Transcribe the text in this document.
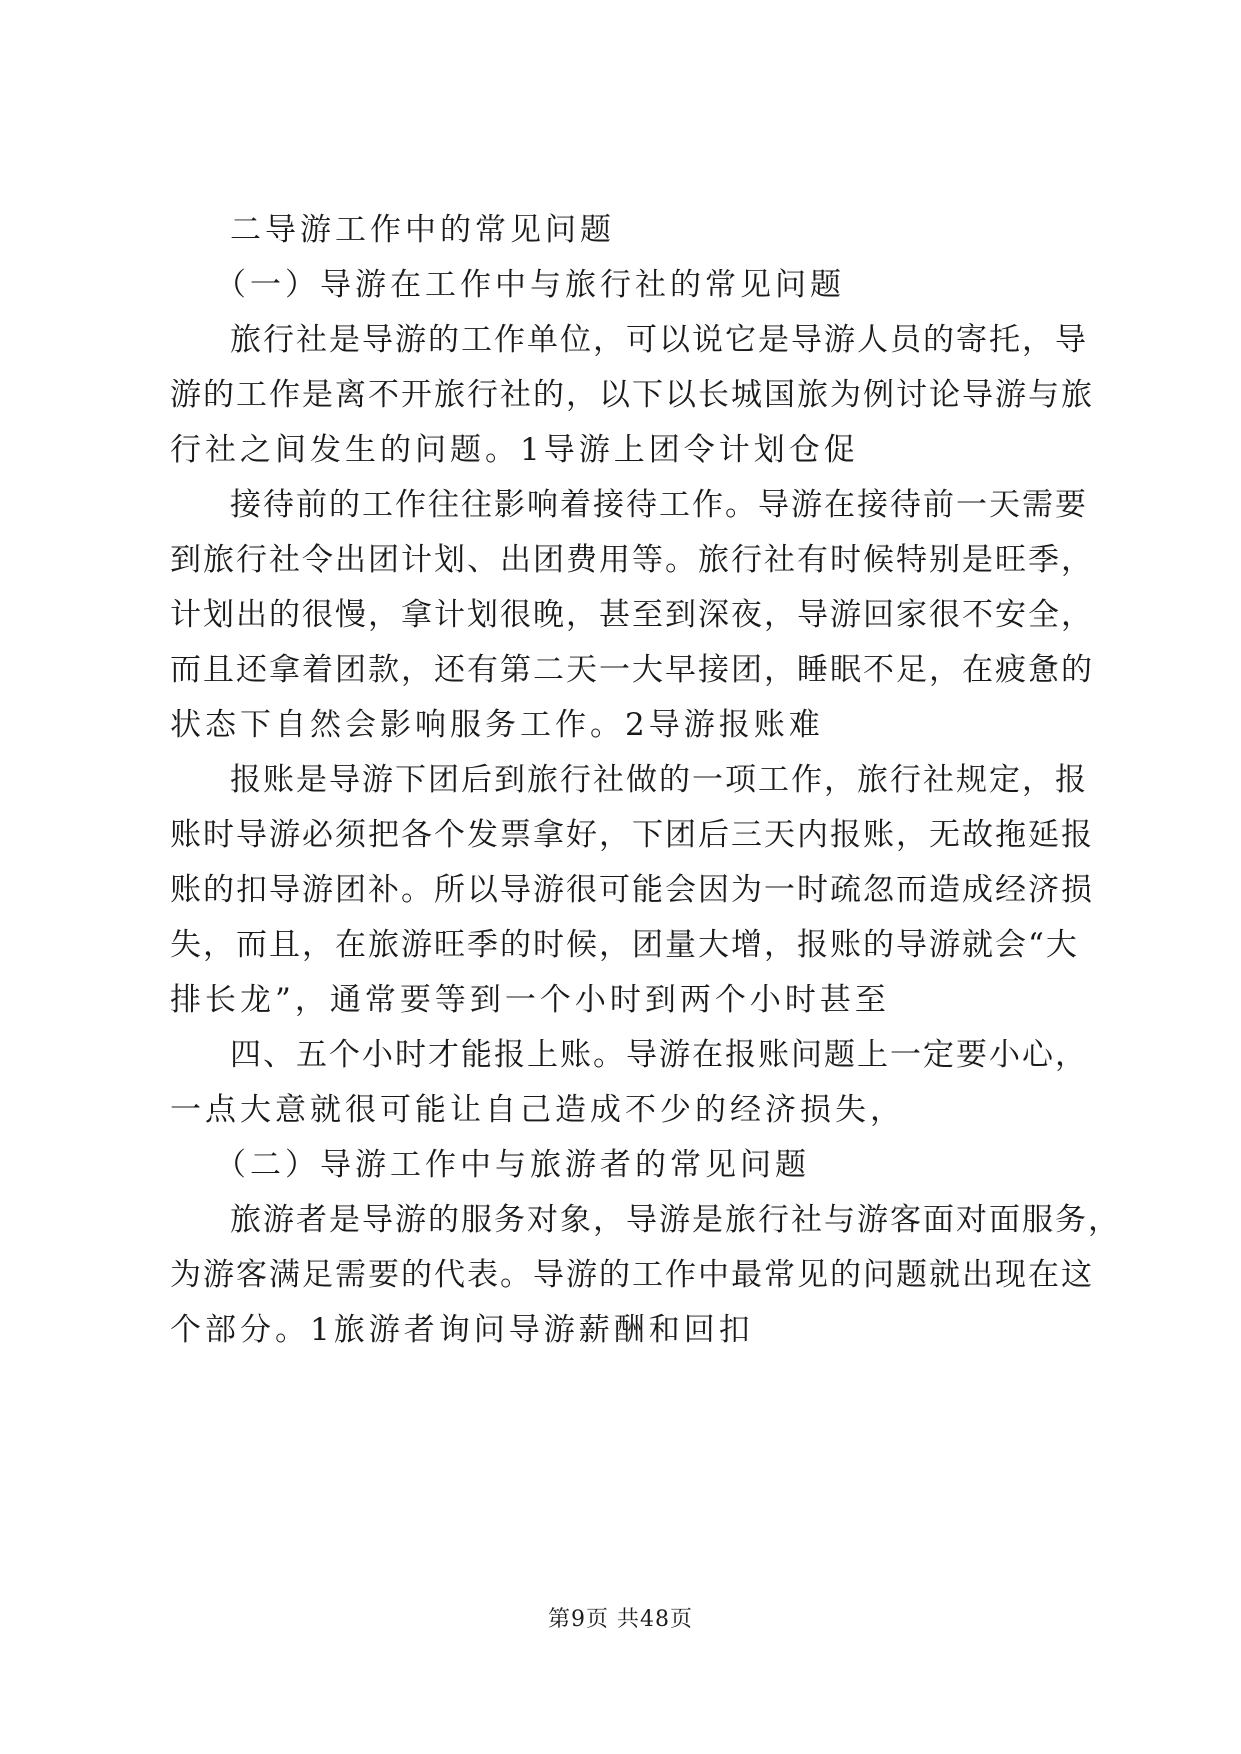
二导游工作中的常见问题
（一）导游在工作中与旅行社的常见问题
旅行社是导游的工作单位，可以说它是导游人员的寄托，导
游的工作是离不开旅行社的，以下以长城国旅为例讨论导游与旅
行社之间发生的问题。1导游上团令计划仓促
接待前的工作往往影响着接待工作。导游在接待前一天需要
到旅行社令出团计划、出团费用等。旅行社有时候特别是旺季，
计划出的很慢，拿计划很晚，甚至到深夜，导游回家很不安全，
而且还拿着团款，还有第二天一大早接团，睡眠不足，在疲惫的
状态下自然会影响服务工作。2导游报账难
报账是导游下团后到旅行社做的一项工作，旅行社规定，报
账时导游必须把各个发票拿好，下团后三天内报账，无故拖延报
账的扣导游团补。所以导游很可能会因为一时疏忽而造成经济损
失，而且，在旅游旺季的时候，团量大增，报账的导游就会“大
排长龙”，通常要等到一个小时到两个小时甚至
四、五个小时才能报上账。导游在报账问题上一定要小心，
一点大意就很可能让自己造成不少的经济损失，
（二）导游工作中与旅游者的常见问题
旅游者是导游的服务对象，导游是旅行社与游客面对面服务，
为游客满足需要的代表。导游的工作中最常见的问题就出现在这
个部分。1旅游者询问导游薪酬和回扣
第9页 共48页
